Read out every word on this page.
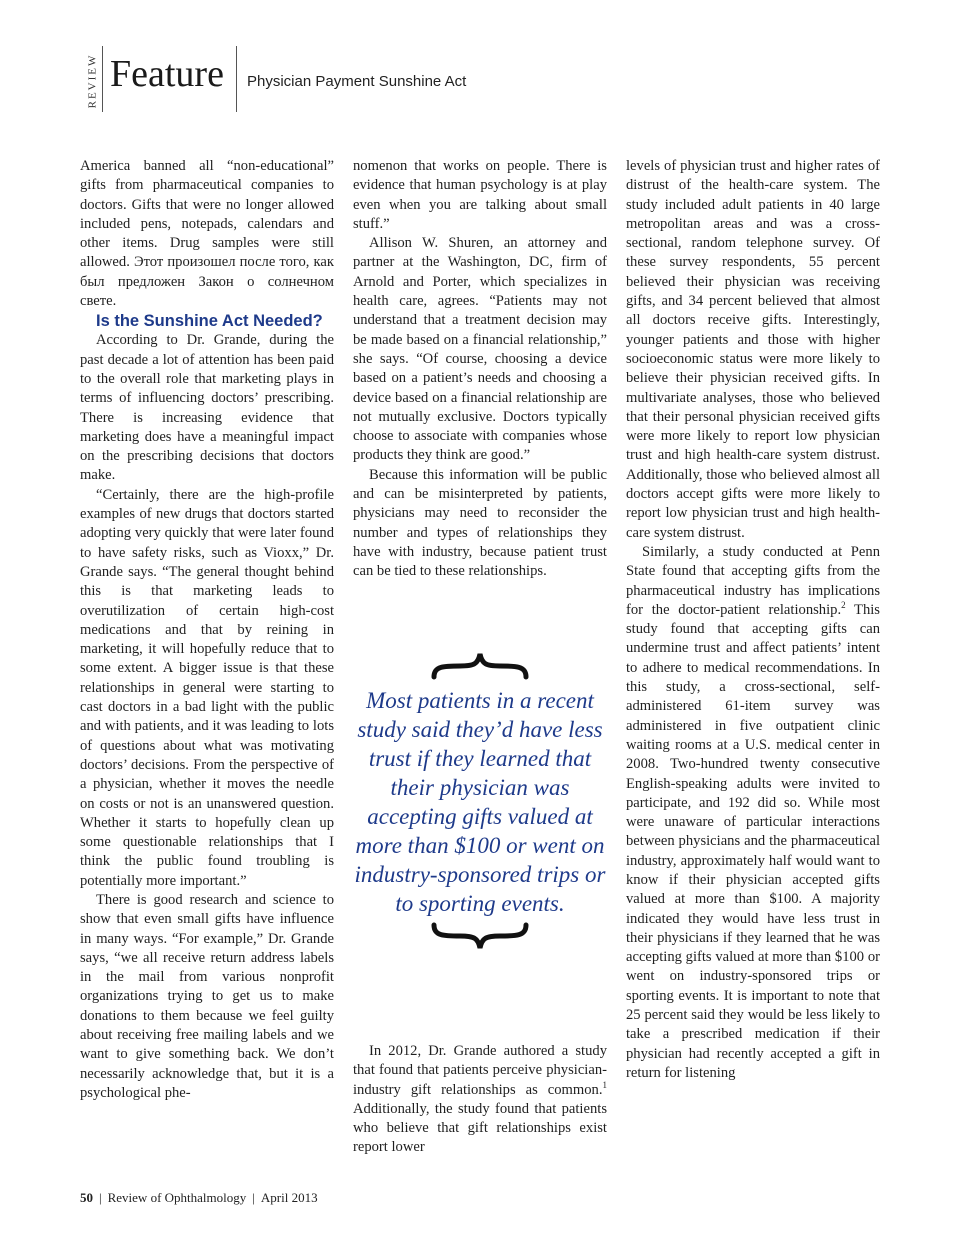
REVIEW Feature Physician Payment Sunshine Act

America banned all “non-educational” gifts from pharmaceutical companies to doctors. Gifts that were no longer allowed included pens, notepads, calendars and other items. Drug samples were still allowed. Этот произошел после того, как был предложен Закон о солнечном свете.

Is the Sunshine Act Needed?

According to Dr. Grande, during the past decade a lot of attention has been paid to the overall role that marketing plays in terms of influencing doctors’ prescribing. There is increasing evidence that marketing does have a meaningful impact on the prescribing decisions that doctors make.

“Certainly, there are the high-profile examples of new drugs that doctors started adopting very quickly that were later found to have safety risks, such as Vioxx,” Dr. Grande says. “The general thought behind this is that marketing leads to overutilization of certain high-cost medications and that by reining in marketing, it will hopefully reduce that to some extent. A bigger issue is that these relationships in general were starting to cast doctors in a bad light with the public and with patients, and it was leading to lots of questions about what was motivating doctors’ decisions. From the perspective of a physician, whether it moves the needle on costs or not is an unanswered question. Whether it starts to hopefully clean up some questionable relationships that I think the public found troubling is potentially more important.”

There is good research and science to show that even small gifts have influence in many ways. “For example,” Dr. Grande says, “we all receive return address labels in the mail from various nonprofit organizations trying to get us to make donations to them because we feel guilty about receiving free mailing labels and we want to give something back. We don’t necessarily acknowledge that, but it is a psychological phe-

nomenon that works on people. There is evidence that human psychology is at play even when you are talking about small stuff.”

Allison W. Shuren, an attorney and partner at the Washington, DC, firm of Arnold and Porter, which specializes in health care, agrees. “Patients may not understand that a treatment decision may be made based on a financial relationship,” she says. “Of course, choosing a device based on a patient’s needs and choosing a device based on a financial relationship are not mutually exclusive. Doctors typically choose to associate with companies whose products they think are good.”

Because this information will be public and can be misinterpreted by patients, physicians may need to reconsider the number and types of relationships they have with industry, because patient trust can be tied to these relationships.

Most patients in a recent study said they’d have less trust if they learned that their physician was accepting gifts valued at more than $100 or went on industry-sponsored trips or to sporting events.

In 2012, Dr. Grande authored a study that found that patients perceive physician-industry gift relationships as common.$^1$ Additionally, the study found that patients who believe that gift relationships exist report lower

levels of physician trust and higher rates of distrust of the health-care system. The study included adult patients in 40 large metropolitan areas and was a cross-sectional, random telephone survey. Of these survey respondents, 55 percent believed their physician was receiving gifts, and 34 percent believed that almost all doctors receive gifts. Interestingly, younger patients and those with higher socioeconomic status were more likely to believe their physician received gifts. In multivariate analyses, those who believed that their personal physician received gifts were more likely to report low physician trust and high health-care system distrust. Additionally, those who believed almost all doctors accept gifts were more likely to report low physician trust and high health-care system distrust.

Similarly, a study conducted at Penn State found that accepting gifts from the pharmaceutical industry has implications for the doctor-patient relationship.$^2$ This study found that accepting gifts can undermine trust and affect patients’ intent to adhere to medical recommendations. In this study, a cross-sectional, self-administered 61-item survey was administered in five outpatient clinic waiting rooms at a U.S. medical center in 2008. Two-hundred twenty consecutive English-speaking adults were invited to participate, and 192 did so. While most were unaware of particular interactions between physicians and the pharmaceutical industry, approximately half would want to know if their physician accepted gifts valued at more than $100. A majority indicated they would have less trust in their physicians if they learned that he was accepting gifts valued at more than $100 or went on industry-sponsored trips or sporting events. It is important to note that 25 percent said they would be less likely to take a prescribed medication if their physician had recently accepted a gift in return for listening

50 | Review of Ophthalmology | April 2013
